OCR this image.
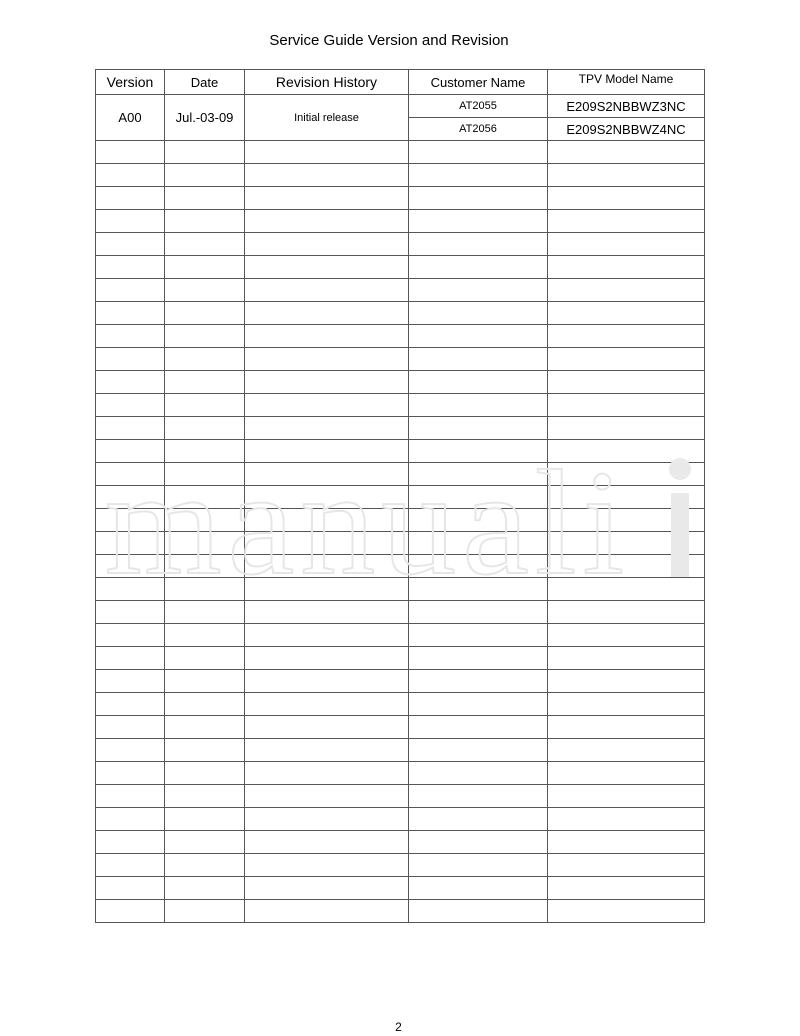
Service Guide Version and Revision
Version	Date	Revision History	Customer Name	TPV Model Name
A00	Jul.-03-09	Initial release	AT2055	E209S2NBBWZ3NC
			AT2056	E209S2NBBWZ4NC

manuali
2
